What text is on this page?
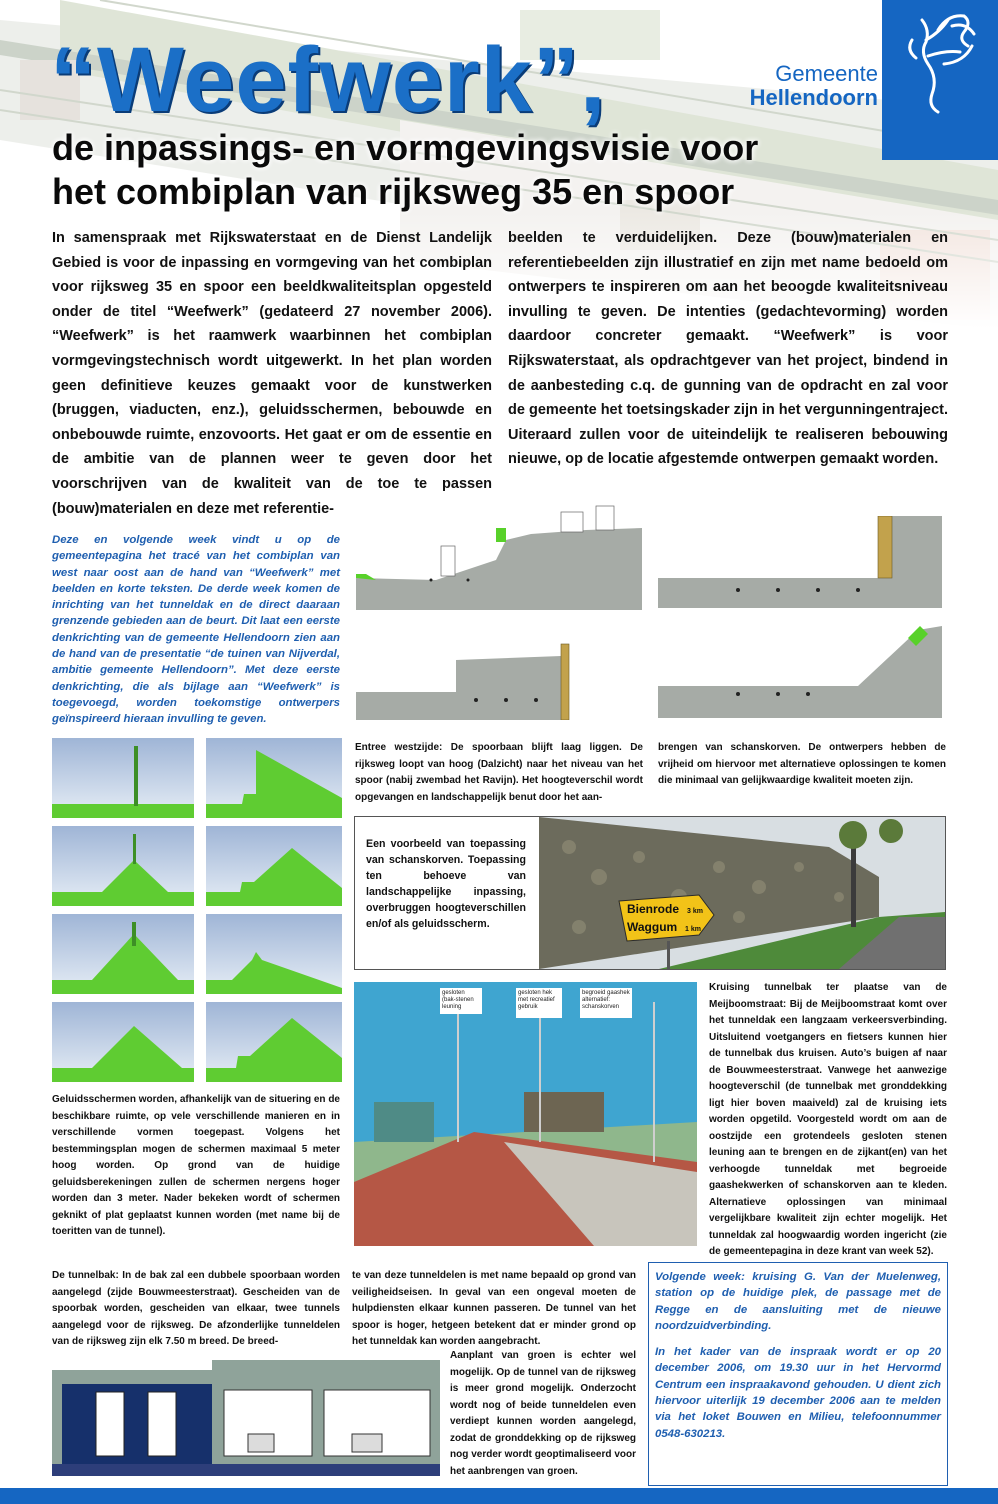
“Weefwerk”,
de inpassings- en vormgevingsvisie voor
het combiplan van rijksweg 35 en spoor
Gemeente
Hellendoorn
In samenspraak met Rijkswaterstaat en de Dienst Landelijk Gebied is voor de inpassing en vormgeving van het combiplan voor rijksweg 35 en spoor een beeldkwaliteitsplan opgesteld onder de titel “Weefwerk” (gedateerd 27 november 2006). “Weefwerk” is het raamwerk waarbinnen het combiplan vormgevingstechnisch wordt uitgewerkt. In het plan worden geen definitieve keuzes gemaakt voor de kunstwerken (bruggen, viaducten, enz.), geluidsschermen, bebouwde en onbebouwde ruimte, enzovoorts. Het gaat er om de essentie en de ambitie van de plannen weer te geven door het voorschrijven van de kwaliteit van de toe te passen (bouw)materialen en deze met referentie-
beelden te verduidelijken. Deze (bouw)materialen en referentiebeelden zijn illustratief en zijn met name bedoeld om ontwerpers te inspireren om aan het beoogde kwaliteitsniveau invulling te geven. De intenties (gedachtevorming) worden daardoor concreter gemaakt. “Weefwerk” is voor Rijkswaterstaat, als opdrachtgever van het project, bindend in de aanbesteding c.q. de gunning van de opdracht en zal voor de gemeente het toetsingskader zijn in het vergunningentraject. Uiteraard zullen voor de uiteindelijk te realiseren bebouwing nieuwe, op de locatie afgestemde ontwerpen gemaakt worden.
Deze en volgende week vindt u op de gemeentepagina het tracé van het combiplan van west naar oost aan de hand van “Weefwerk” met beelden en korte teksten. De derde week komen de inrichting van het tunneldak en de direct daaraan grenzende gebieden aan de beurt. Dit laat een eerste denkrichting van de gemeente Hellendoorn zien aan de hand van de presentatie “de tuinen van Nijverdal, ambitie gemeente Hellendoorn”. Met deze eerste denkrichting, die als bijlage aan “Weefwerk” is toegevoegd, worden toekomstige ontwerpers geïnspireerd hieraan invulling te geven.
Entree westzijde: De spoorbaan blijft laag liggen. De rijksweg loopt van hoog (Dalzicht) naar het niveau van het spoor (nabij zwembad het Ravijn). Het hoogteverschil wordt opgevangen en landschappelijk benut door het aan-
brengen van schanskorven. De ontwerpers hebben de vrijheid om hiervoor met alternatieve oplossingen te komen die minimaal van gelijkwaardige kwaliteit moeten zijn.
Geluidsschermen worden, afhankelijk van de situering en de beschikbare ruimte, op vele verschillende manieren en in verschillende vormen toegepast. Volgens het bestemmingsplan mogen de schermen maximaal 5 meter hoog worden. Op grond van de huidige geluidsberekeningen zullen de schermen nergens hoger worden dan 3 meter. Nader bekeken wordt of schermen geknikt of plat geplaatst kunnen worden (met name bij de toeritten van de tunnel).
Een voorbeeld van toepassing van schanskorven. Toepassing ten behoeve van landschappelijke inpassing, overbruggen hoogteverschillen en/of als geluidsscherm.
Bienrode 3 km
Waggum 1 km
gesloten (bak-stenen leuning
gesloten hek met recreatief gebruik
begroeid gaashek alternatief: schanskorven
Kruising tunnelbak ter plaatse van de Meijboomstraat: Bij de Meijboomstraat komt over het tunneldak een langzaam verkeersverbinding. Uitsluitend voetgangers en fietsers kunnen hier de tunnelbak dus kruisen. Auto’s buigen af naar de Bouwmeesterstraat. Vanwege het aanwezige hoogteverschil (de tunnelbak met gronddekking ligt hier boven maaiveld) zal de kruising iets worden opgetild. Voorgesteld wordt om aan de oostzijde een grotendeels gesloten stenen leuning aan te brengen en de zijkant(en) van het verhoogde tunneldak met begroeide gaashekwerken of schanskorven aan te kleden. Alternatieve oplossingen van minimaal vergelijkbare kwaliteit zijn echter mogelijk. Het tunneldak zal hoogwaardig worden ingericht (zie de gemeentepagina in deze krant van week 52).
De tunnelbak: In de bak zal een dubbele spoorbaan worden aangelegd (zijde Bouwmeesterstraat). Gescheiden van de spoorbak worden, gescheiden van elkaar, twee tunnels aangelegd voor de rijksweg. De afzonderlijke tunneldelen van de rijksweg zijn elk 7.50 m breed. De breed-
te van deze tunneldelen is met name bepaald op grond van veiligheidseisen. In geval van een ongeval moeten de hulpdiensten elkaar kunnen passeren. De tunnel van het spoor is hoger, hetgeen betekent dat er minder grond op het tunneldak kan worden aangebracht.
Aanplant van groen is echter wel mogelijk. Op de tunnel van de rijksweg is meer grond mogelijk. Onderzocht wordt nog of beide tunneldelen even verdiept kunnen worden aangelegd, zodat de gronddekking op de rijksweg nog verder wordt geoptimaliseerd voor het aanbrengen van groen.

Volgende week: kruising G. Van der Muelenweg, station op de huidige plek, de passage met de Regge en de aansluiting met de nieuwe noordzuidverbinding.

In het kader van de inspraak wordt er op 20 december 2006, om 19.30 uur in het Hervormd Centrum een inspraakavond gehouden. U dient zich hiervoor uiterlijk 19 december 2006 aan te melden via het loket Bouwen en Milieu, telefoonnummer 0548-630213.
